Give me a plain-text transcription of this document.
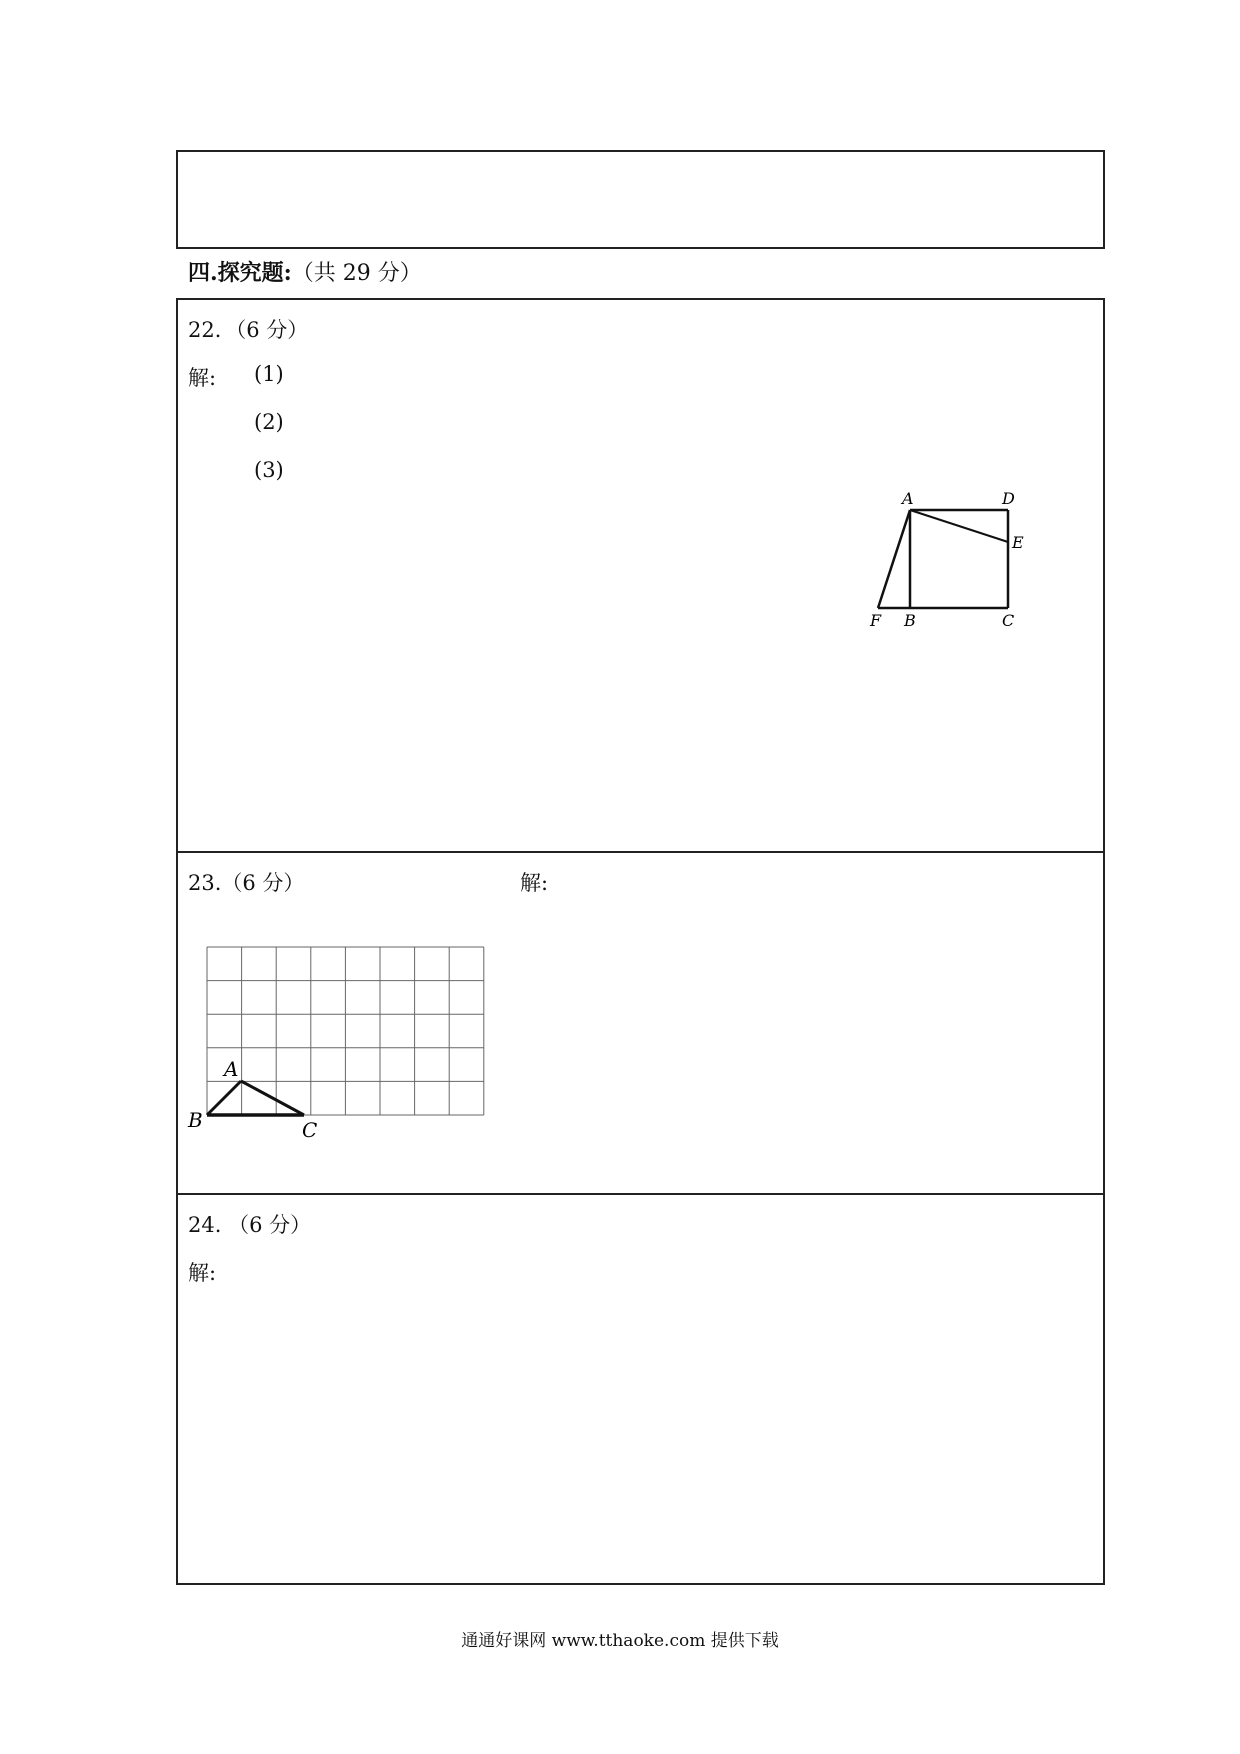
四.探究题:（共 29 分）
22．（6 分）
解: (1)
(2)
(3)
A	D
E
F B	C
23.（6 分）	解:
A
B	C
24. （6 分）
解:
通通好课网 www.tthaoke.com 提供下载
